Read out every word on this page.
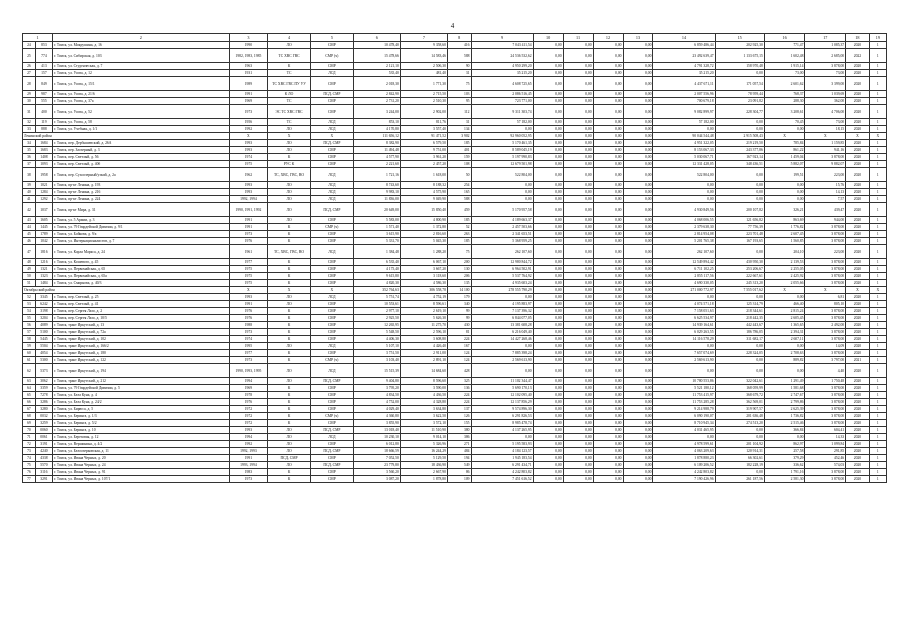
4
1		2	3	4	5	6	7	8	9	10	11	12	13	14	15	16	17	18	19
24	853	г. Томск, ул. Мокрушина, д. 16	1990	ЛО	СМР	10 478,40	9 358,60	416	7 043 411,54	0,00	0,00	0,00	0,00	6 859 486,44	202 925,30	771,47	1 085,37	2020	1
25	774	г. Томск, ул. Сибирская, д. 103	1982, 1983, 1985	ТС ХВС ГВС	СМР (ч)	15 478,66	14 583,46	588	24 536 532,62	0,00	0,00	0,00	0,00	23 492 639,47	1 133 675,15	1 602,48	2 685,00	2022	1
26	413	г. Томск, ул. Студенческая, д. 7	1963	К	СМР	2 121,10	2 506,30	90	4 950 299,20	0,00	0,00	0,00	0,00	4 791 328,72	158 970,48	1 915,14	3 878,00	2020	1
27	157	г. Томск, ул. Усова, д. 12	1931	ТС	ЛСД	535,40	481,40	31	35 215,20	0,00	0,00	0,00	0,00	35 215,20	0,00	73,00	73,00	2020	1
28	849	г. Томск, ул. Усова, д. 15/1	1989	ТС ХВС ГВС ПУ УУ	СМР	2 018,30	1 771,30	75	4 608 725,65	0,00	0,00	0,00	0,00	4 437 671,11	171 057,54	2 601,62	3 399,00	2020	1
29	987	г. Томск, ул. Усова, д. 21/6	1991	К ЛО	ПСД, СМР	2 842,90	2 715,50	103	2 086 516,45	0,00	0,00	0,00	0,00	2 007 556,96	78 959,44	768,37	1 039,69	2020	1
30	555	г. Томск, ул. Усова, д. 37а	1969	ТС	СМР	2 731,20	2 510,30	95	723 771,00	0,00	0,00	0,00	0,00	700 679,18	23 091,82	288,30	362,00	2020	1
31	400	г. Томск, ул. Усова, д. 52	1973	ЭС ТС ХВС ГВС	СМР	3 244,00	2 902,00	112	9 311 303,74	0,00	0,00	0,00	0,00	9 082 899,97	228 304,77	3 208,61	4 706,00	2020	1
32	119	г. Томск, ул. Усова, д. 58	1956	ТС	ЛСД	853,10	811,76	31	57 182,00	0,00	0,00	0,00	0,00	57 182,00	0,00	70,45	73,00	2020	1
33	888	г. Томск, ул. Учебная, д. 1/1	1992	ЛО	ЛСД	4 170,80	3 557,40	134	0,00	0,00	0,00	0,00	0,00	0,00	0,00	0,00	18,15	2020	1
Ленинский район			X	X	X	111 656,12	91 471,52	3 902	92 960 052,95	0,00	0,00	0,00	0,00	90 044 544,48	2 915 508,43	X	X	X	X
34	1684	г. Томск, пер. Дербышевский, д. 26А	1993	ЛО	ПСД, СМР	8 382,90	6 579,50	185	5 170 461,35	0,00	0,00	0,00	0,00	4 951 322,05	219 219,50	785,84	1 159,85	2020	1
35	1683	г. Томск, пер. Заозерный, д. 3	1993	ЛО	СМР	11 494,48	9 751,00	401	8 589 045,19	0,00	0,00	0,00	0,00	8 153 067,33	243 377,86	861,22	941,16	2020	1
36	1408	г. Томск, пер. Светлый, д. 56	1974	К	СМР	4 577,90	3 961,20	159	5 197 990,83	0,00	0,00	0,00	0,00	5 030 067,71	167 923,14	1 459,04	3 878,00	2020	1
37	1093	г. Томск, пер. Светлый, д. 40б	1975	РУС К	СМР	2 221,60	2 457,20	108	12 679 501,98	0,00	0,00	0,00	0,00	12 331 428,05	348 436,51	5 882,07	9 882,07	2020	1
38	1958	г. Томск, пер. Сухоозерный/узкий, д. 2а	1962	ТС, ХВС, ГВС, ВО	ЛСД	1 721,16	1 618,00	50	522 804,00	0,00	0,00	0,00	0,00	522 804,00	0,00	199,51	223,00	2020	1
39	1021	г. Томск, пр-кт Ленина, д. 193	1993	ЛО	ЛСД	8 743,60	8 188,32	254	0,00	0,00	0,00	0,00	0,00	0,00	0,00	0,00	15,76	2020	1
40	1284	г. Томск, пр-кт Ленина, д. 216	1993	ЛО	ЛСД	9 983,10	4 575,90	165	0,00	0,00	0,00	0,00	0,00	0,00	0,00	0,00	14,13	2020	1
41	1292	г. Томск, пр-кт Ленина, д. 224	1992, 1994	ЛО	ЛСД	11 836,00	9 049,90	588	0,00	0,00	0,00	0,00	0,00	0,00	0,00	0,00	7,57	2020	1
42	1037	г. Томск, пр-кт Мира, д. 31	1990, 1991, 1992	ЛО	ПСД, СМР	20 649,00	15 850,40	459	5 170 957,58	0,00	0,00	0,00	0,00	4 930 849,56	200 107,82	326,21	439,47	2020	1
43	1605	г. Томск, ул. 5 Армии, д. 3	1991	ЛО	СМР	5 583,00	4 800,90	185	4 189 663,37	0,00	0,00	0,00	0,00	4 068 006,55	121 656,82	863,69	944,00	2020	1
44	1445	г. Томск, ул. 79 Гвардейской Дивизии, д. 9/1	1991	К	СМР (ч)	1 571,40	1 372,80	52	2 457 503,66	0,00	0,00	0,00	0,00	2 379 638,30	77 756,39	1 776,82	3 878,00	2020	1
45	1789	г. Томск, ул. Бойкова, д. 9/а	1973	К	СМР	3 615,90	2 816,60	263	2 341 653,51	0,00	0,00	0,00	0,00	2 814 954,08	223 701,48	2 607,45	3 878,00	2020	1
46	1042	г. Томск, ул. Интернационалистов, д. 7	1976	К	СМР	5 331,70	5 045,30	185	5 368 959,25	0,00	0,00	0,00	0,00	5 201 765,38	167 193,65	1 560,85	3 878,00	2020	1
47	1816	г. Томск, ул. Карла Маркса, д. 24	1961	ТС, ХВС, ГВС, ВО	ЛСД	1 384,48	1 288,20	75	262 107,60	0,00	0,00	0,00	0,00	262 107,60	0,00	204,10	223,00	2020	1
48	1216	г. Томск, ул. Кошевого, д. 45	1977	К	СМР	6 535,40	6 067,10	200	12 980 844,72	0,00	0,00	0,00	0,00	12 549 894,42	430 950,30	2 139,53	3 878,00	2020	1
49	1321	г. Томск, ул. Первомайская, д. 65	1975	К	СМР	4 175,40	3 667,20	130	6 964 502,91	0,00	0,00	0,00	0,00	6 711 102,25	253 206,67	2 255,05	3 878,00	2020	1
50	1323	г. Томск, ул. Первомайская, д. 65а	1975	К	СМР	9 615,80	3 118,60	206	5 537 764,92	0,00	0,00	0,00	0,00	2 855 117,56	222 667,61	2 425,92	3 878,00	2020	1
51	1484	г. Томск, ул. Смирнова, д. 40/3	1975	К	СМР	4 820,30	4 586,30	135	4 935 603,24	0,00	0,00	0,00	0,00	4 690 330,05	245 313,20	2 055,66	3 878,00	2020	1
Октябрьский район			X	X	X	352 764,63	306 558,78	14 100	278 555 790,29	0,00	0,00	0,00	0,00	271 000 772,97	7 555 017,62	X	X	X	X
52	3345	г. Томск, пер. Светлый, д. 25	1993	ЛО	ЛСД	5 751,74	4 752,19	179	0,00	0,00	0,00	0,00	0,00	0,00	0,00	0,00	6,81	2020	1
53	6242	г. Томск, пер. Светлый, д. 41	1991	ЛО	СМР	10 553,61	8 596,61	340	4 195 883,97	0,00	0,00	0,00	0,00	4 074 571,18	125 314,79	466,40	805,10	2020	1
54	3198	г. Томск, пер. Сергея Лазо, д. 2	1976	К	СМР	2 977,10	2 619,10	99	7 137 396,32	0,00	0,00	0,00	0,00	7 158 051,63	218 344,61	2 815,24	3 878,00	2020	1
55	3204	г. Томск, пер. Сергея Лазо, д. 10/5	1976	К	СМР	2 925,50	5 626,30	99	6 844 077,05	0,00	0,00	0,00	0,00	6 625 534,97	218 442,35	2 605,45	3 878,00	2020	1
56	4089	г. Томск, тракт Иркутский, д. 13	1988	К	СМР	12 265,95	11 275,70	430	13 381 608,28	0,00	0,00	0,00	0,00	14 939 164,61	442 443,67	1 365,65	2 492,00	2020	1
57	5100	г. Томск, тракт Иркутский, д. 72а	1973	К	СМР	5 548,50	2 596,10	81	6 216 049,40	0,00	0,00	0,00	0,00	6 029 263,55	186 786,05	2 394,31	3 878,00	2020	1
58	5445	г. Томск, тракт Иркутский, д. 102	1974	К	СМР	4 406,30	3 608,80	224	14 427 268,46	0,00	0,00	0,00	0,00	14 116 578,29	311 682,17	2 607,11	3 878,00	2020	1
59	5504	г. Томск, тракт Иркутский, д. 166/2	1995	ЛО	ЛСД	5 107,10	4 426,40	167	0,00	0,00	0,00	0,00	0,00	0,00	0,00	0,00	14,09	2020	1
60	4054	г. Томск, тракт Иркутский, д. 180	1977	К	СМР	3 751,50	2 911,00	124	7 885 398,24	0,00	0,00	0,00	0,00	7 657 074,69	228 324,05	2 708,63	3 878,00	2020	1
61	5300	г. Томск, тракт Иркутский, д. 122	1973	К	СМР (ч)	3 103,40	2 891,10	124	2 569 613,90	0,00	0,00	0,00	0,00	2 569 613,90	0,00	889,82	3 797,00	2021	1
62	5373	г. Томск, тракт Иркутский, д. 194	1990, 1993, 1995	ЛО	ЛСД	15 515,39	14 684,60	428	0,00	0,00	0,00	0,00	0,00	0,00	0,00	0,00	4,40	2020	1
63	3062	г. Томск, тракт Иркутский, д. 212	1994	ЛО	ПСД, СМР	9 404,80	8 596,60	325	11 102 344,47	0,00	0,00	0,00	0,00	10 780 553,86	322 042,61	1 291,49	1 750,48	2020	1
64	3359	г. Томск, ул. 79 Гвардейской Дивизии, д. 5	1969	К	СМР	3 795,20	3 590,00	136	5 690 170,13	0,00	0,00	0,00	0,00	5 521 180,12	168 059,99	1 581,68	3 878,00	2020	1
65	7278	г. Томск, ул. Бела Куна, д. 4	1978	К	СМР	4 834,50	4 436,50	224	12 102 095,40	0,00	0,00	0,00	0,00	11 753 415,97	368 679,72	2 747,67	3 878,00	2020	1
66	3286	г. Томск, ул. Бела Куна, д. 24/2	1976	К	СМР	4 752,00	4 328,80	224	12 137 856,29	0,00	0,00	0,00	0,00	11 753 285,28	362 569,01	2 799,86	3 878,00	2020	1
67	3280	г. Томск, ул. Бирюса, д. 5	1972	К	СМР	4 029,40	3 634,80	137	9 574 896,30	0,00	0,00	0,00	0,00	9 214 988,79	319 907,57	2 625,39	3 878,00	2020	1
68	0032	г. Томск, ул. Беринга, д. 1/3	1972	К	СМР (ч)	4 360,80	3 622,50	126	6 291 826,53	0,00	0,00	0,00	0,00	6 090 190,07	201 636,48	1 736,82	3 878,00	2020	1
69	3259	г. Томск, ул. Беринга, д. 5/2	1972	К	СМР	3 855,90	3 572,10	155	8 985 478,74	0,00	0,00	0,00	0,00	8 710 945,34	274 513,20	2 515,46	3 878,00	2020	1
70	0060	г. Томск, ул. Беринга, д. 10	1993	ЛО	ПСД, СМР	13 018,40	11 510,90	380	4 137 265,95	0,00	0,00	0,00	0,00	4 031 465,95	0,00	366,84	604,41	2020	1
71	0061	г. Томск, ул. Березовая, д. 12	1994	ЛО	ЛСД	10 230,10	9 014,10	386	0,00	0,00	0,00	0,00	0,00	0,00	0,00	0,00	14,33	2020	1
72	3191	г. Томск, ул. Вершинина, д. 4/2	1992	ЛО	СМР	6 012,80	5 326,96	271	5 195 583,93	0,00	0,00	0,00	0,00	4 978 599,61	201 104,92	862,97	1 099,84	2020	1
73	4240	г. Томск, ул. Белоозерковская, д. 11	1992, 1993	ЛО	ПСД, СМР	18 666,59	16 244,29	484	4 184 123,57	0,00	0,00	0,00	0,00	4 063 209,63	120 914,31	257,58	291,85	2020	1
74	4338	г. Томск, ул. Ивана Черных, д. 20	1991	ПСД, СМР	СМР	7 052,50	5 129,50	194	1 945 183,54	0,00	0,00	0,00	0,00	1 878 880,23	66 302,61	379,29	452,46	2020	1
75	5570	г. Томск, ул. Ивана Черных, д. 24	1993, 1994	ЛО	ПСД, СМР	23 779,80	18 436,90	549	6 291 434,71	0,00	0,00	0,00	0,00	6 109 206,52	182 228,19	336,62	574,03	2020	1
76	3116	г. Томск, ул. Ивана Черных, д. 91	1983	К	СМР	3 560,20	2 667,90	86	4 242 803,82	0,00	0,00	0,00	0,00	4 242 803,82	0,00	1 791,16	3 878,00	2020	1
77	3291	г. Томск, ул. Ивана Черных, д. 107/1	1973	К	СМР	3 087,20	1 878,80	109	7 451 616,52	0,00	0,00	0,00	0,00	7 190 426,96	261 187,56	2 581,30	3 878,00	2020	1
